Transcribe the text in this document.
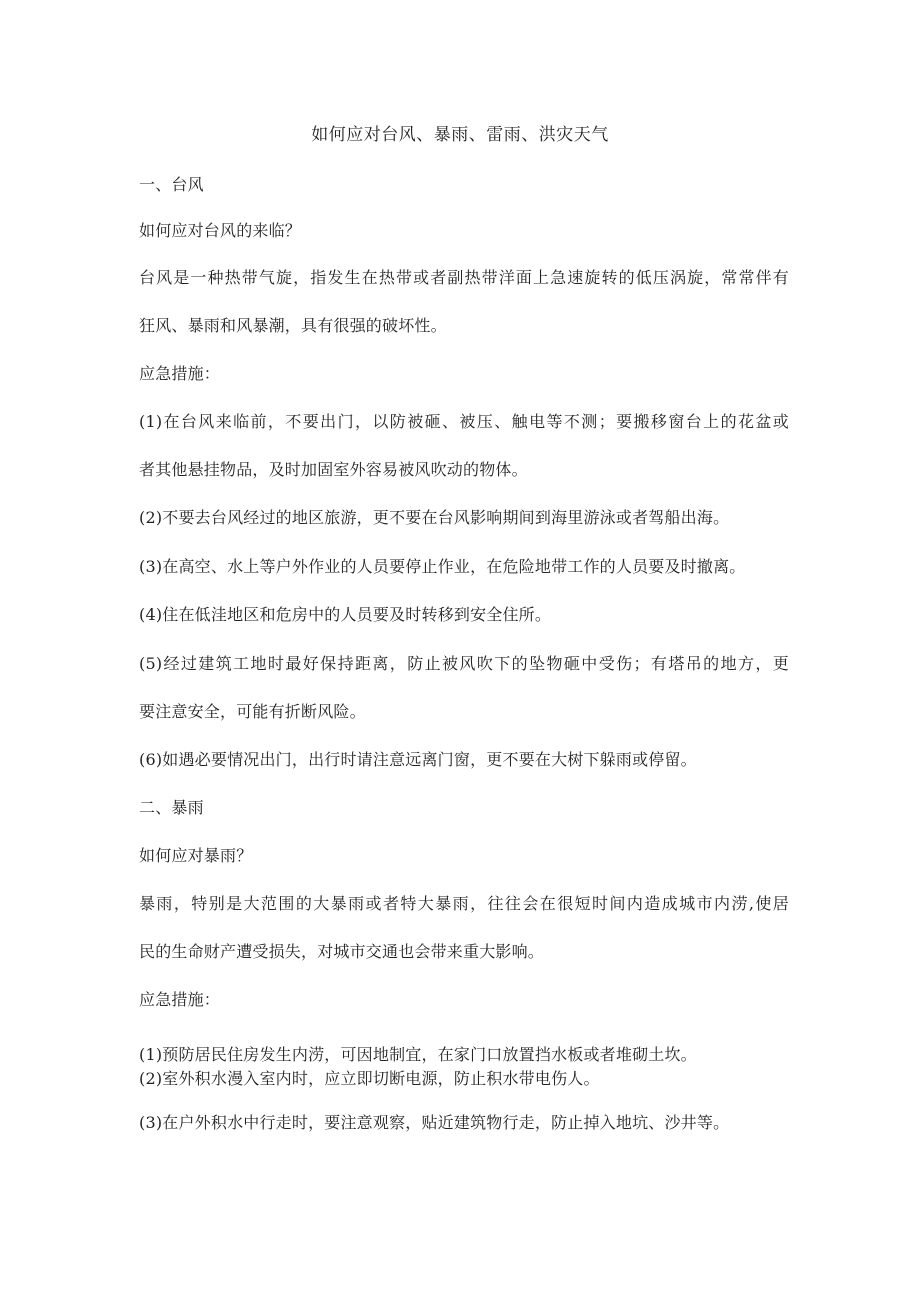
如何应对台风、暴雨、雷雨、洪灾天气
一、台风
如何应对台风的来临？
台风是一种热带气旋，指发生在热带或者副热带洋面上急速旋转的低压涡旋，常常伴有
狂风、暴雨和风暴潮，具有很强的破坏性。
应急措施：
(1)在台风来临前，不要出门，以防被砸、被压、触电等不测；要搬移窗台上的花盆或
者其他悬挂物品，及时加固室外容易被风吹动的物体。
(2)不要去台风经过的地区旅游，更不要在台风影响期间到海里游泳或者驾船出海。
(3)在高空、水上等户外作业的人员要停止作业，在危险地带工作的人员要及时撤离。
(4)住在低洼地区和危房中的人员要及时转移到安全住所。
(5)经过建筑工地时最好保持距离，防止被风吹下的坠物砸中受伤；有塔吊的地方，更
要注意安全，可能有折断风险。
(6)如遇必要情况出门，出行时请注意远离门窗，更不要在大树下躲雨或停留。
二、暴雨
如何应对暴雨？
暴雨，特别是大范围的大暴雨或者特大暴雨，往往会在很短时间内造成城市内涝,使居
民的生命财产遭受损失，对城市交通也会带来重大影响。
应急措施：
(1)预防居民住房发生内涝，可因地制宜，在家门口放置挡水板或者堆砌土坎。
(2)室外积水漫入室内时，应立即切断电源，防止积水带电伤人。
(3)在户外积水中行走时，要注意观察，贴近建筑物行走，防止掉入地坑、沙井等。
